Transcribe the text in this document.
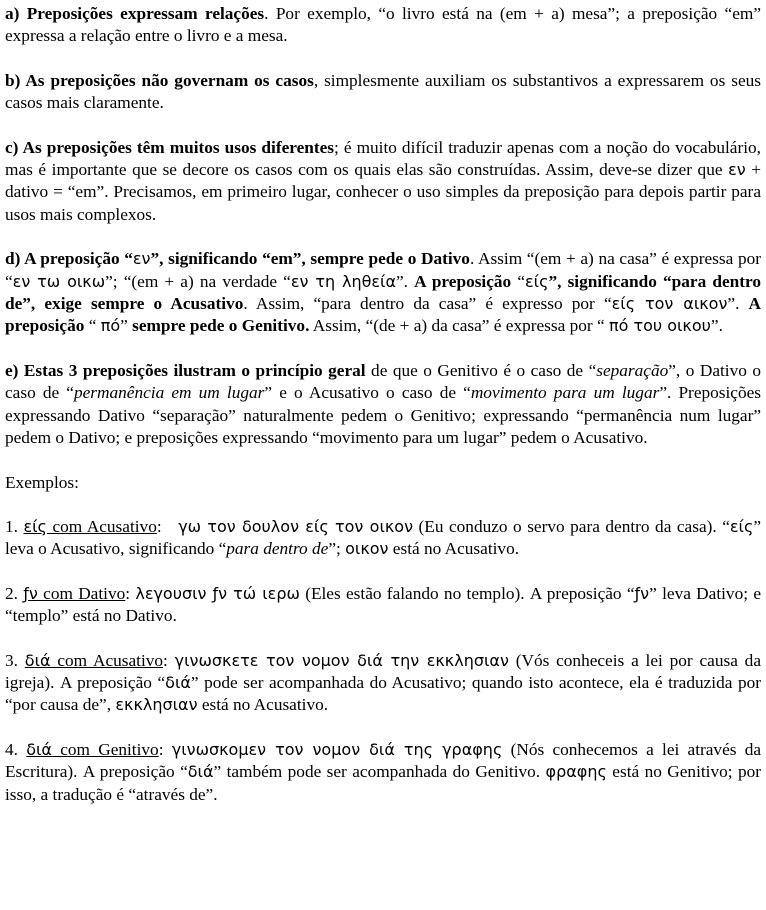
a) Preposições expressam relações. Por exemplo, “o livro está na (em + a) mesa”; a preposição “em” expressa a relação entre o livro e a mesa.

b) As preposições não governam os casos, simplesmente auxiliam os substantivos a expressarem os seus casos mais claramente.

c) As preposições têm muitos usos diferentes; é muito difícil traduzir apenas com a noção do vocabulário, mas é importante que se decore os casos com os quais elas são construídas. Assim, deve-se dizer que εν + dativo = “em”. Precisamos, em primeiro lugar, conhecer o uso simples da preposição para depois partir para usos mais complexos.

d) A preposição “εν”, significando “em”, sempre pede o Dativo. Assim “(em + a) na casa” é expressa por “εν τω οικω”; “(em + a) na verdade “εν τη ληθεία”. A preposição “είς”, significando “para dentro de”, exige sempre o Acusativo. Assim, “para dentro da casa” é expresso por “είς τον αικον”. A preposição “ πό” sempre pede o Genitivo. Assim, “(de + a) da casa” é expressa por “ πό του οικου”.

e) Estas 3 preposições ilustram o princípio geral de que o Genitivo é o caso de “separação”, o Dativo o caso de “permanência em um lugar” e o Acusativo o caso de “movimento para um lugar”. Preposições expressando Dativo “separação” naturalmente pedem o Genitivo; expressando “permanência num lugar” pedem o Dativo; e preposições expressando “movimento para um lugar” pedem o Acusativo.

Exemplos:

1. είς com Acusativo:   γω τον δουλον είς τον οικον (Eu conduzo o servo para dentro da casa). “είς” leva o Acusativo, significando “para dentro de”; οικον está no Acusativo.

2. ƒν com Dativo: λεγουσιν ƒν τώ ιερω (Eles estão falando no templo). A preposição “ƒν” leva Dativo; e “templo” está no Dativo.

3. διά com Acusativo: γινωσκετε τον νομον διά την εκκλησιαν (Vós conheceis a lei por causa da igreja). A preposição “διά” pode ser acompanhada do Acusativo; quando isto acontece, ela é traduzida por “por causa de”, εκκλησιαν está no Acusativo.

4. διά com Genitivo: γινωσκομεν τον νομον διά της γραφης (Nós conhecemos a lei através da Escritura). A preposição “διά” também pode ser acompanhada do Genitivo. φραφης está no Genitivo; por isso, a tradução é “através de”.
